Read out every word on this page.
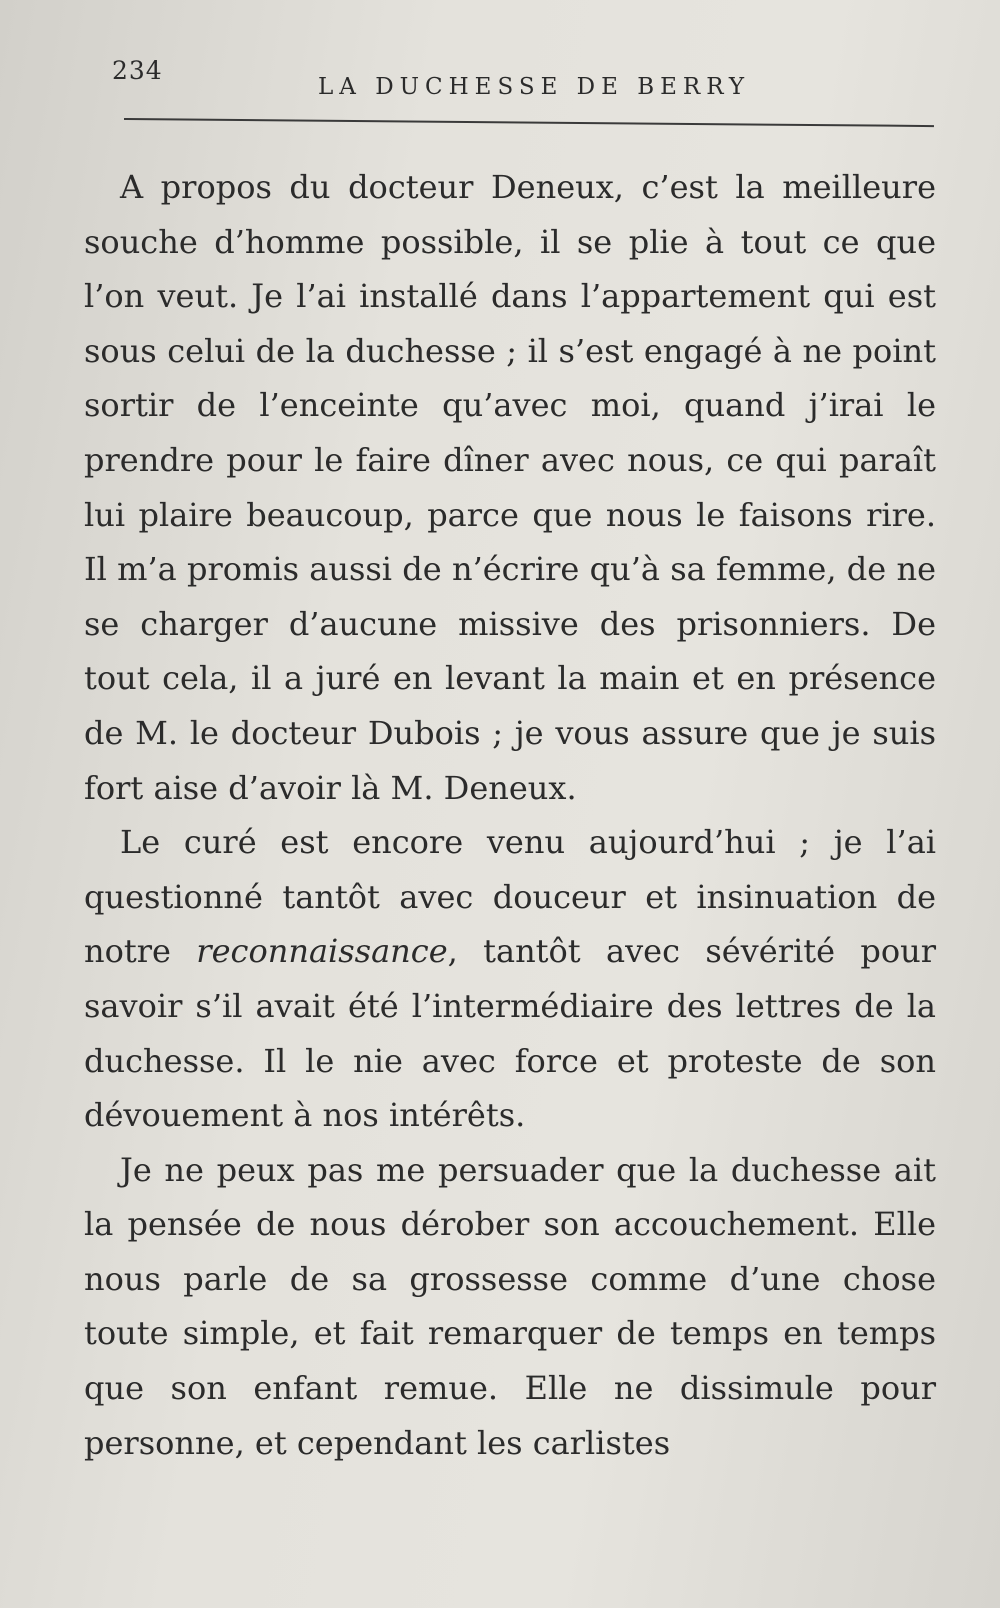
234
LA DUCHESSE DE BERRY

A propos du docteur Deneux, c’est la meilleure souche d’homme possible, il se plie à tout ce que l’on veut. Je l’ai installé dans l’appartement qui est sous celui de la duchesse ; il s’est engagé à ne point sortir de l’enceinte qu’avec moi, quand j’irai le prendre pour le faire dîner avec nous, ce qui paraît lui plaire beaucoup, parce que nous le faisons rire. Il m’a promis aussi de n’écrire qu’à sa femme, de ne se charger d’aucune missive des prisonniers. De tout cela, il a juré en levant la main et en présence de M. le docteur Dubois ; je vous assure que je suis fort aise d’avoir là M. Deneux.

Le curé est encore venu aujourd’hui ; je l’ai questionné tantôt avec douceur et insinuation de notre reconnaissance, tantôt avec sévérité pour savoir s’il avait été l’intermédiaire des lettres de la duchesse. Il le nie avec force et proteste de son dévouement à nos intérêts.

Je ne peux pas me persuader que la duchesse ait la pensée de nous dérober son accouchement. Elle nous parle de sa grossesse comme d’une chose toute simple, et fait remarquer de temps en temps que son enfant remue. Elle ne dissimule pour personne, et cependant les carlistes
